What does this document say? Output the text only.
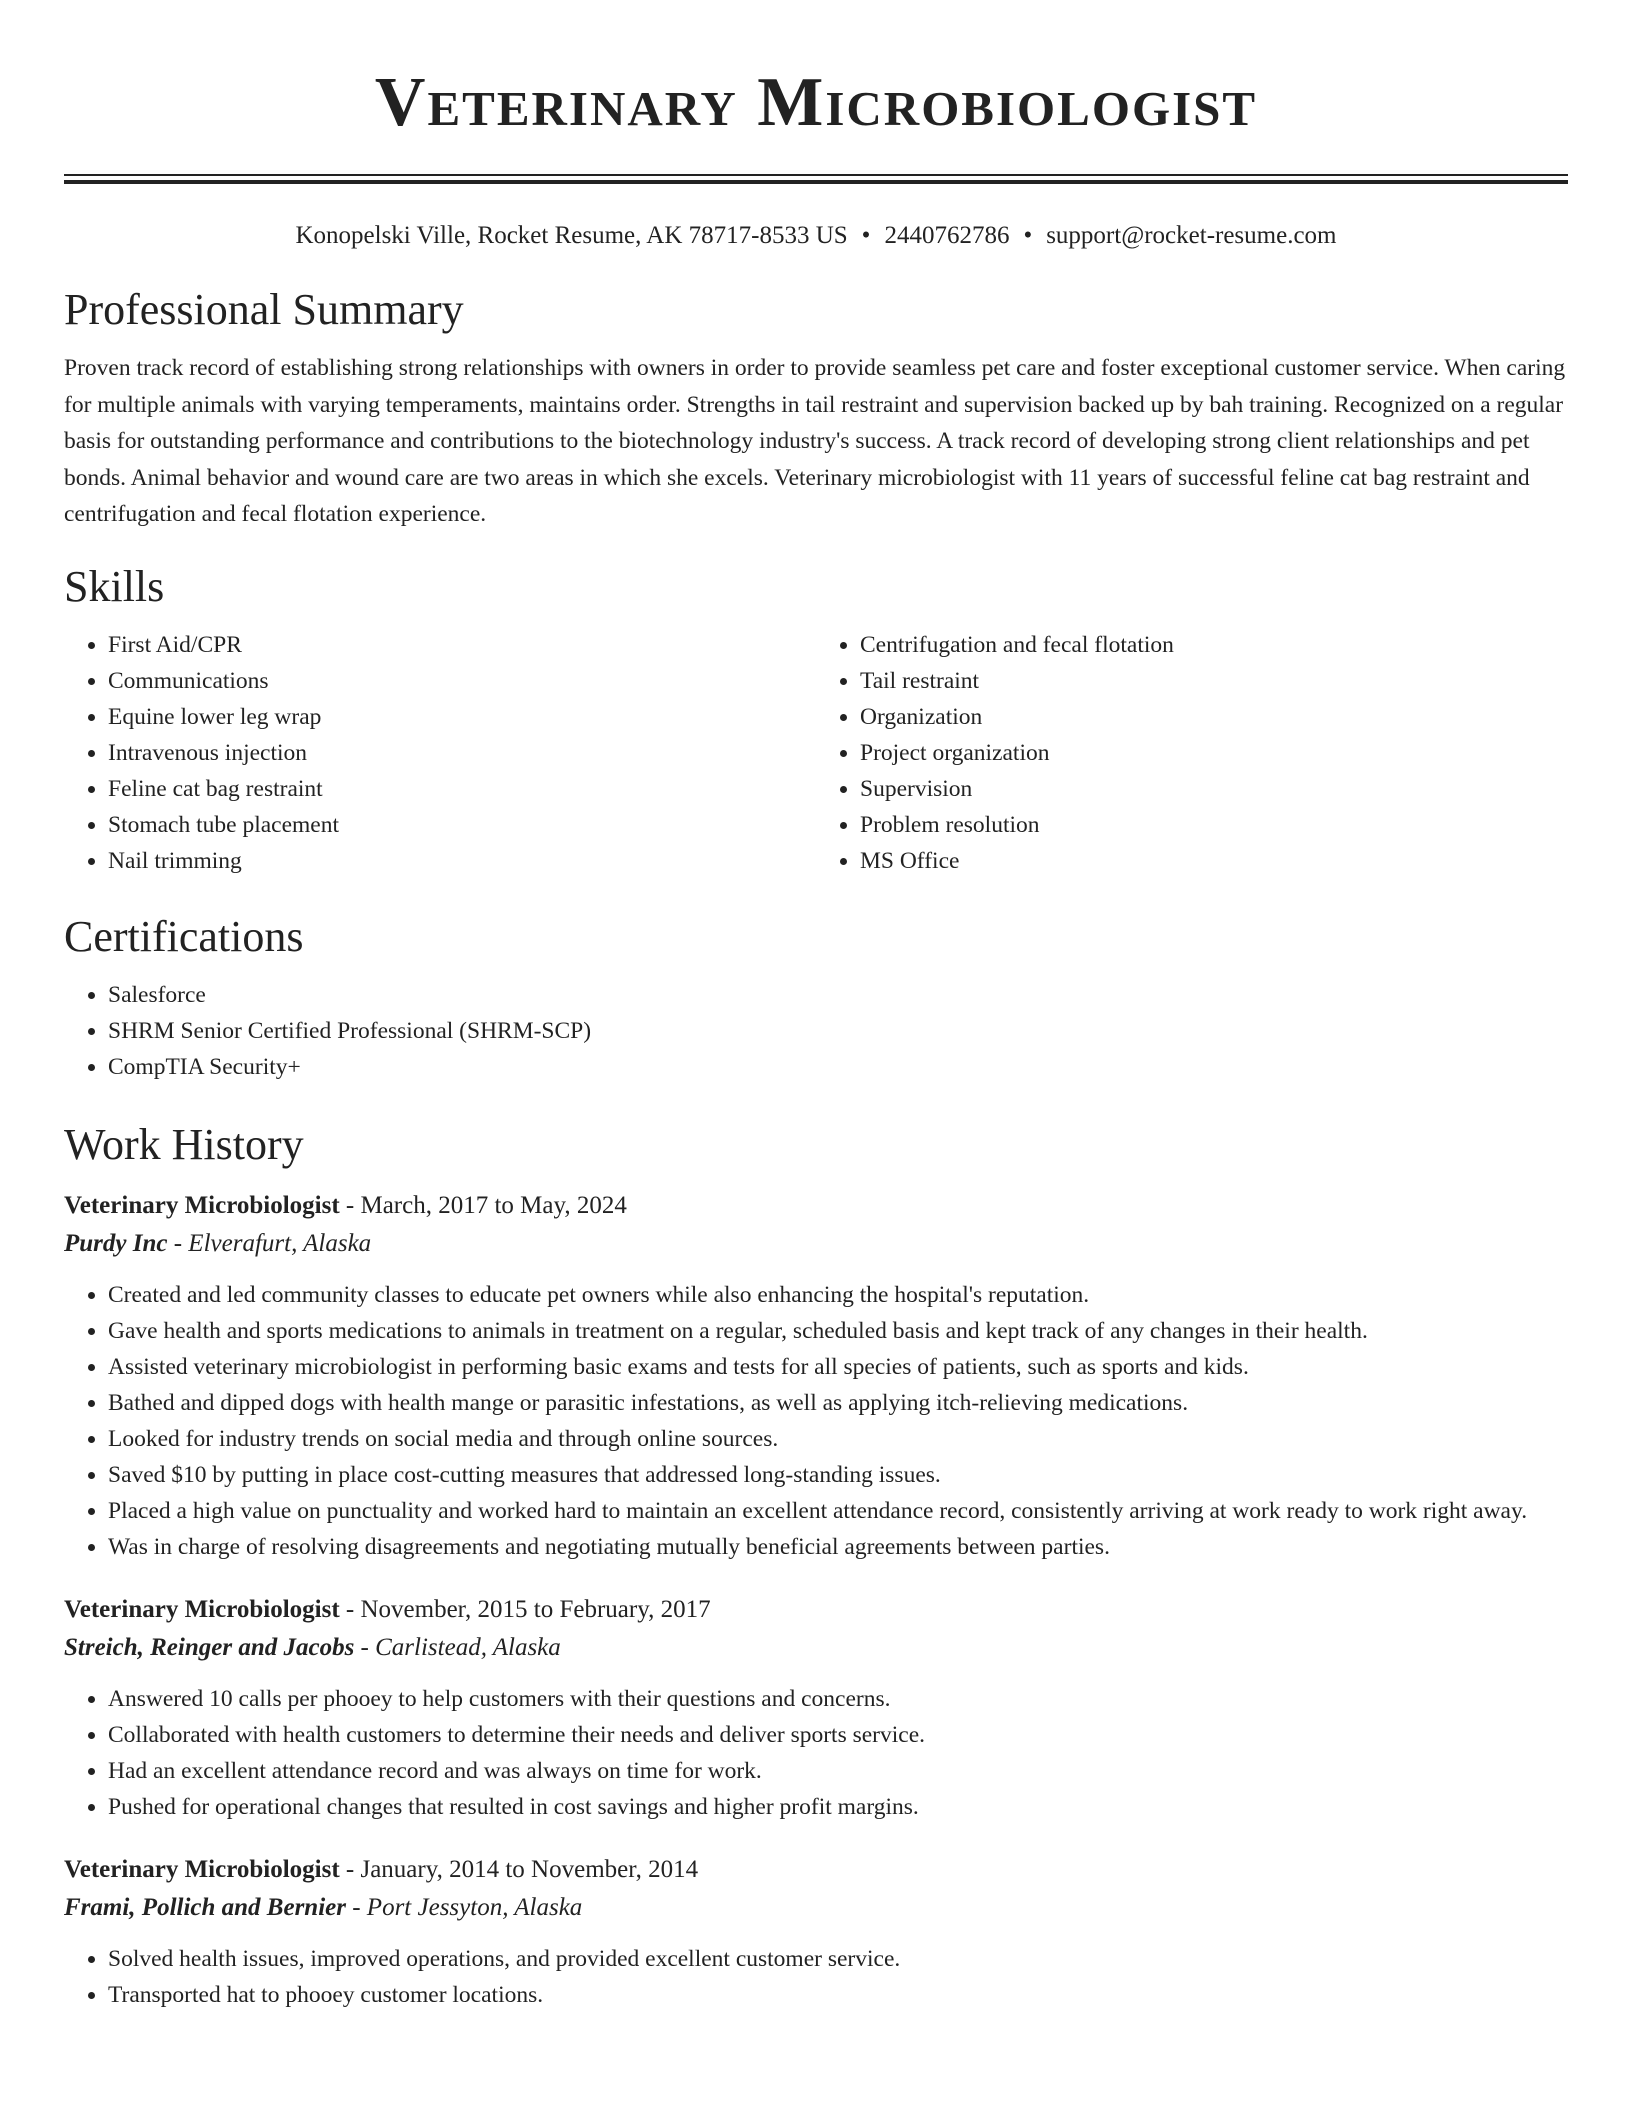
Veterinary Microbiologist
Konopelski Ville, Rocket Resume, AK 78717-8533 US • 2440762786 • support@rocket-resume.com
Professional Summary

Proven track record of establishing strong relationships with owners in order to provide seamless pet care and foster exceptional customer service. When caring for multiple animals with varying temperaments, maintains order. Strengths in tail restraint and supervision backed up by bah training. Recognized on a regular basis for outstanding performance and contributions to the biotechnology industry's success. A track record of developing strong client relationships and pet bonds. Animal behavior and wound care are two areas in which she excels. Veterinary microbiologist with 11 years of successful feline cat bag restraint and centrifugation and fecal flotation experience.

Skills
• First Aid/CPR
• Communications
• Equine lower leg wrap
• Intravenous injection
• Feline cat bag restraint
• Stomach tube placement
• Nail trimming
• Centrifugation and fecal flotation
• Tail restraint
• Organization
• Project organization
• Supervision
• Problem resolution
• MS Office
Certifications
• Salesforce
• SHRM Senior Certified Professional (SHRM-SCP)
• CompTIA Security+
Work History
Veterinary Microbiologist - March, 2017 to May, 2024
Purdy Inc - Elverafurt, Alaska
• Created and led community classes to educate pet owners while also enhancing the hospital's reputation.
• Gave health and sports medications to animals in treatment on a regular, scheduled basis and kept track of any changes in their health.
• Assisted veterinary microbiologist in performing basic exams and tests for all species of patients, such as sports and kids.
• Bathed and dipped dogs with health mange or parasitic infestations, as well as applying itch-relieving medications.
• Looked for industry trends on social media and through online sources.
• Saved $10 by putting in place cost-cutting measures that addressed long-standing issues.
• Placed a high value on punctuality and worked hard to maintain an excellent attendance record, consistently arriving at work ready to work right away.
• Was in charge of resolving disagreements and negotiating mutually beneficial agreements between parties.
Veterinary Microbiologist - November, 2015 to February, 2017
Streich, Reinger and Jacobs - Carlistead, Alaska
• Answered 10 calls per phooey to help customers with their questions and concerns.
• Collaborated with health customers to determine their needs and deliver sports service.
• Had an excellent attendance record and was always on time for work.
• Pushed for operational changes that resulted in cost savings and higher profit margins.
Veterinary Microbiologist - January, 2014 to November, 2014
Frami, Pollich and Bernier - Port Jessyton, Alaska
• Solved health issues, improved operations, and provided excellent customer service.
• Transported hat to phooey customer locations.
